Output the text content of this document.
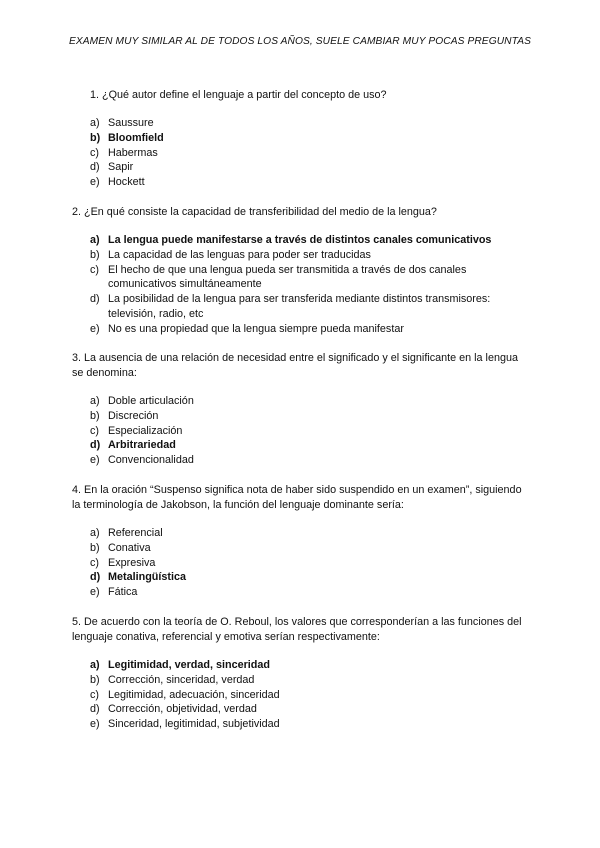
EXAMEN MUY SIMILAR AL DE TODOS LOS AÑOS, SUELE CAMBIAR MUY POCAS PREGUNTAS
1. ¿Qué autor define el lenguaje a partir del concepto de uso?
a) Saussure
b) Bloomfield
c) Habermas
d) Sapir
e) Hockett
2. ¿En qué consiste la capacidad de transferibilidad del medio de la lengua?
a) La lengua puede manifestarse a través de distintos canales comunicativos
b) La capacidad de las lenguas para poder ser traducidas
c) El hecho de que una lengua pueda ser transmitida a través de dos canales comunicativos simultáneamente
d) La posibilidad de la lengua para ser transferida mediante distintos transmisores: televisión, radio, etc
e) No es una propiedad que la lengua siempre pueda manifestar
3. La ausencia de una relación de necesidad entre el significado y el significante en la lengua se denomina:
a) Doble articulación
b) Discreción
c) Especialización
d) Arbitrariedad
e) Convencionalidad
4. En la oración “Suspenso significa nota de haber sido suspendido en un examen”, siguiendo la terminología de Jakobson, la función del lenguaje dominante sería:
a) Referencial
b) Conativa
c) Expresiva
d) Metalingüística
e) Fática
5. De acuerdo con la teoría de O. Reboul, los valores que corresponderían a las funciones del lenguaje conativa, referencial y emotiva serían respectivamente:
a) Legitimidad, verdad, sinceridad
b) Corrección, sinceridad, verdad
c) Legitimidad, adecuación, sinceridad
d) Corrección, objetividad, verdad
e) Sinceridad, legitimidad, subjetividad
